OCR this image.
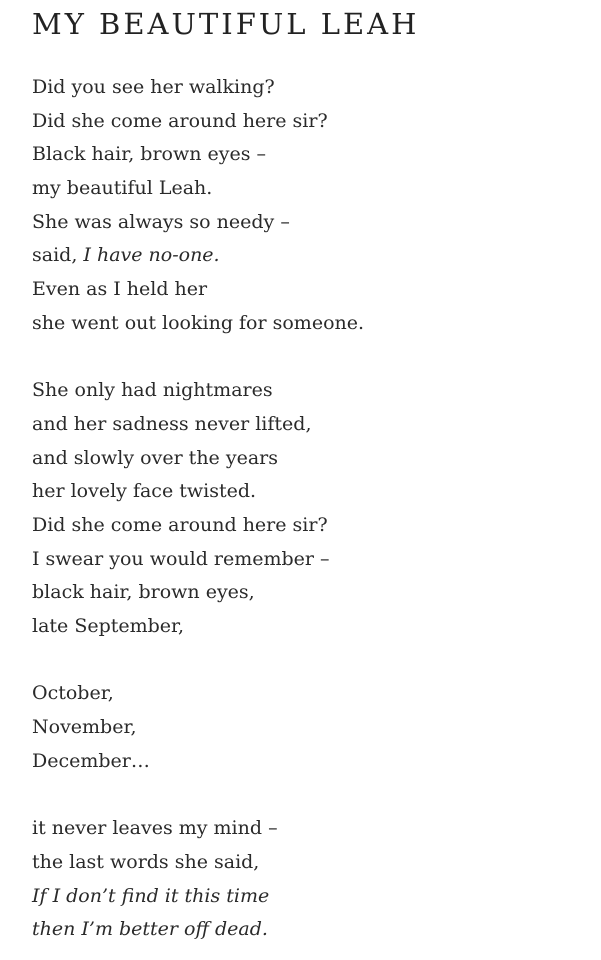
MY BEAUTIFUL LEAH
Did you see her walking?
Did she come around here sir?
Black hair, brown eyes –
my beautiful Leah.
She was always so needy –
said, I have no-one.
Even as I held her
she went out looking for someone.
She only had nightmares
and her sadness never lifted,
and slowly over the years
her lovely face twisted.
Did she come around here sir?
I swear you would remember –
black hair, brown eyes,
late September,
October,
November,
December…
it never leaves my mind –
the last words she said,
If I don’t find it this time
then I’m better off dead.
